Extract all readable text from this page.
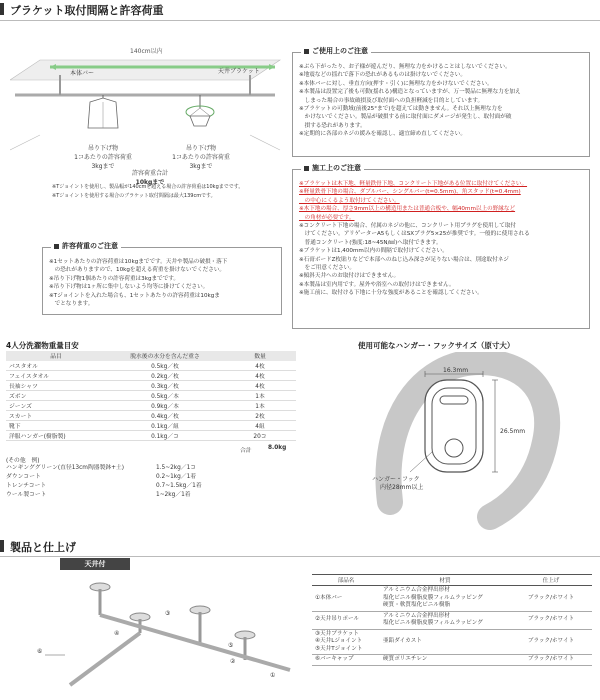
ブラケット取付間隔と許容荷重
140cm以内
本体バー	天井ブラケット
吊り下げ物
1コあたりの許容荷重
3kgまで
吊り下げ物
1コあたりの許容荷重
3kgまで
許容荷重合計
10kgまで
※Tジョイントを使用し、製品幅が140cmを超える場合の許容荷重は10kgまでです。
※Tジョイントを使用する場合のブラケット取付間隔は最大139cmです。
ご使用上のご注意
※ぶら下がったり、お子様が遊んだり、無理な力をかけることはしないでください。
※地震などの揺れで落下の恐れがあるものは掛けないでください。
※本体バーに対し、垂直方向(押す・引く)に無理な力をかけないでください。
※本製品は設置完了後も可動(揺れる)構造となっていますが、万一製品に無理な力を加え
　しまった場合の事故破損及び取付面への負担軽減を目的としています。
※ブラケットの可動域(前後25°まで)を超えては動きません。それ以上無理な力を
　かけないでください。製品が破損する前に取付面にダメージが発生し、取付面が破
　損する恐れがあります。
※定期的に各部のネジの緩みを確認し、適宜締め直してください。
施工上のご注意
※ブラケットは木下地、軽量鉄骨下地、コンクリート下地がある位置に取付けてください。
※軽量鉄骨下地の場合、ダブルバー、シングルバー(t=0.5mm)、角スタッド(t=0.4mm)
　の中心にくるよう取付けてください。
※木下地の場合、厚さ9mm以上の構造用または普通合板や、幅40mm以上の野縁など
　の角材が必要です。
※コンクリート下地の場合、付属のネジの他に、コンクリート用プラグを使用して取付
　けてください。アリゲーターA5もしくはSXプラグ5×25が推奨です。一般的に使用される
　普通コンクリート(強度:18~45N/㎟)へ取付できます。
※ブラケットは1,400mm以内の間隔で取付けてください。
※石膏ボードZ枚貼りなどで本部へのねじ込み深さが足りない場合は、別途取付ネジ
　をご用意ください。
※傾斜天井へのお取付けはできません。
※本製品は室内用です。屋外や浴室への取付けはできません。
※施工前に、取付ける下地に十分な強度があることを確認してください。
許容荷重のご注意
※1セットあたりの許容荷重は10kgまでです。天井や製品の破損・落下
　の恐れがありますので、10kgを超える荷重を掛けないでください。
※吊り下げ物1個あたりの許容荷重は3kgまでです。
※吊り下げ物は1ヶ所に集中しないよう均等に掛けてください。
※Tジョイントを入れた場合も、1セットあたりの許容荷重は10kgま
　でとなります。
4人分洗濯物重量目安
品目	脱水後の水分を含んだ重さ	数量
バスタオル	0.5kg／枚	4枚
フェイスタオル	0.2kg／枚	4枚
長袖シャツ	0.3kg／枚	4枚
ズボン	0.5kg／本	1本
ジーンズ	0.9kg／本	1本
スカート	0.4kg／枚	2枚
靴下	0.1kg／組	4組
洋服ハンガー(樹脂製)	0.1kg／コ	20コ
合計	8.0kg
(その他　例)
ハンギンググリーン(直径13cm陶器製鉢+土)	1.5~2kg／1コ
ダウンコート	0.2~1kg／1着
トレンチコート	0.7~1.5kg／1着
ウール製コート	1~2kg／1着
使用可能なハンガー・フックサイズ（原寸大）
16.3mm
26.5mm
ハンガー・フック
内径28mm以上
製品と仕上げ
天井付
⑥
④
③
⑤
②
①
部品名	材質	仕上げ

①本体バー	アルミニウム合金押出形材
塩化ビニル樹脂皮膜フィルムラッピング
硬質・軟質塩化ビニル樹脂	ブラック/ホワイト

②天井吊りポール	アルミニウム合金押出形材
塩化ビニル樹脂皮膜フィルムラッピング	ブラック/ホワイト

③天井ブラケット
④天井Lジョイント
⑤天井Tジョイント	亜鉛ダイカスト	ブラック/ホワイト

⑥バーキャップ	硬質ポリエチレン	ブラック/ホワイト
